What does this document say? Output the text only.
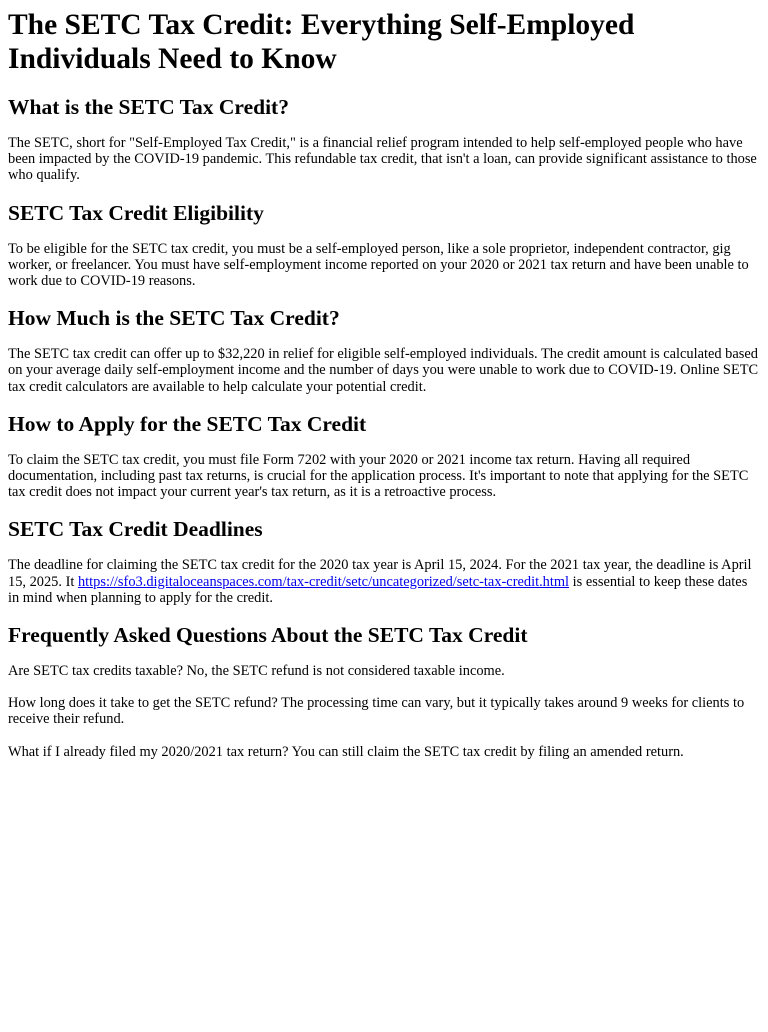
The SETC Tax Credit: Everything Self-Employed Individuals Need to Know
What is the SETC Tax Credit?

The SETC, short for "Self-Employed Tax Credit," is a financial relief program intended to help self-employed people who have been impacted by the COVID-19 pandemic. This refundable tax credit, that isn't a loan, can provide significant assistance to those who qualify.

SETC Tax Credit Eligibility

To be eligible for the SETC tax credit, you must be a self-employed person, like a sole proprietor, independent contractor, gig worker, or freelancer. You must have self-employment income reported on your 2020 or 2021 tax return and have been unable to work due to COVID-19 reasons.

How Much is the SETC Tax Credit?

The SETC tax credit can offer up to $32,220 in relief for eligible self-employed individuals. The credit amount is calculated based on your average daily self-employment income and the number of days you were unable to work due to COVID-19. Online SETC tax credit calculators are available to help calculate your potential credit.

How to Apply for the SETC Tax Credit

To claim the SETC tax credit, you must file Form 7202 with your 2020 or 2021 income tax return. Having all required documentation, including past tax returns, is crucial for the application process. It's important to note that applying for the SETC tax credit does not impact your current year's tax return, as it is a retroactive process.

SETC Tax Credit Deadlines

The deadline for claiming the SETC tax credit for the 2020 tax year is April 15, 2024. For the 2021 tax year, the deadline is April 15, 2025. It https://sfo3.digitaloceanspaces.com/tax-credit/setc/uncategorized/setc-tax-credit.html is essential to keep these dates in mind when planning to apply for the credit.

Frequently Asked Questions About the SETC Tax Credit

Are SETC tax credits taxable? No, the SETC refund is not considered taxable income.

How long does it take to get the SETC refund? The processing time can vary, but it typically takes around 9 weeks for clients to receive their refund.

What if I already filed my 2020/2021 tax return? You can still claim the SETC tax credit by filing an amended return.
